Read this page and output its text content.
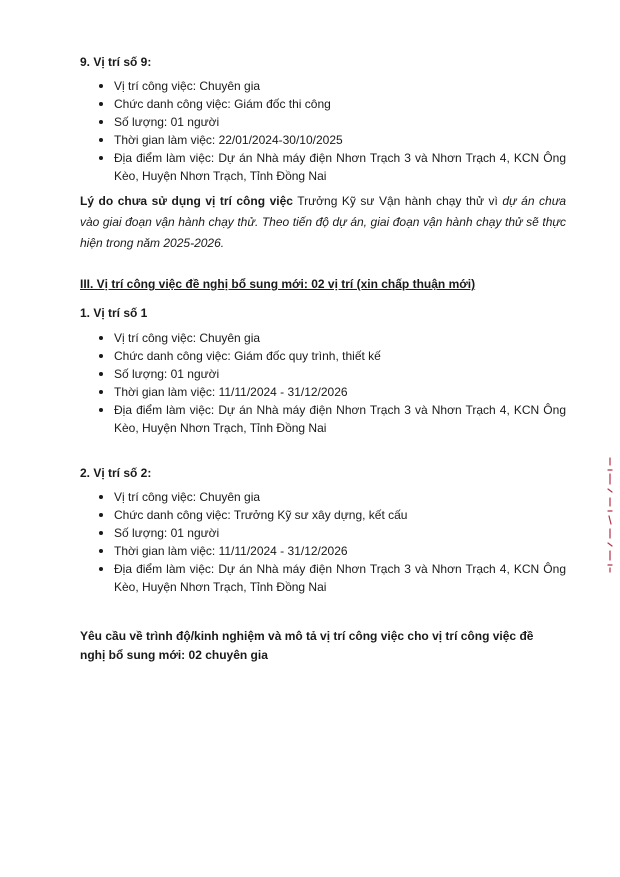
9. Vị trí số 9:
Vị trí công việc: Chuyên gia
Chức danh công việc: Giám đốc thi công
Số lượng: 01 người
Thời gian làm việc: 22/01/2024-30/10/2025
Địa điểm làm việc: Dự án Nhà máy điện Nhơn Trạch 3 và Nhơn Trạch 4, KCN Ông Kèo, Huyện Nhơn Trạch, Tỉnh Đồng Nai
Lý do chưa sử dụng vị trí công việc Trưởng Kỹ sư Vận hành chạy thử vì dự án chưa vào giai đoạn vận hành chạy thử. Theo tiến độ dự án, giai đoạn vận hành chạy thử sẽ thực hiện trong năm 2025-2026.
III. Vị trí công việc đề nghị bổ sung mới: 02 vị trí (xin chấp thuận mới)
1. Vị trí số 1
Vị trí công việc: Chuyên gia
Chức danh công việc: Giám đốc quy trình, thiết kế
Số lượng: 01 người
Thời gian làm việc: 11/11/2024 - 31/12/2026
Địa điểm làm việc: Dự án Nhà máy điện Nhơn Trạch 3 và Nhơn Trạch 4, KCN Ông Kèo, Huyện Nhơn Trạch, Tỉnh Đồng Nai
2. Vị trí số 2:
Vị trí công việc: Chuyên gia
Chức danh công việc: Trưởng Kỹ sư xây dựng, kết cấu
Số lượng: 01 người
Thời gian làm việc: 11/11/2024 - 31/12/2026
Địa điểm làm việc: Dự án Nhà máy điện Nhơn Trạch 3 và Nhơn Trạch 4, KCN Ông Kèo, Huyện Nhơn Trạch, Tỉnh Đồng Nai
Yêu cầu về trình độ/kinh nghiệm và mô tả vị trí công việc cho vị trí công việc đề nghị bổ sung mới: 02 chuyên gia
